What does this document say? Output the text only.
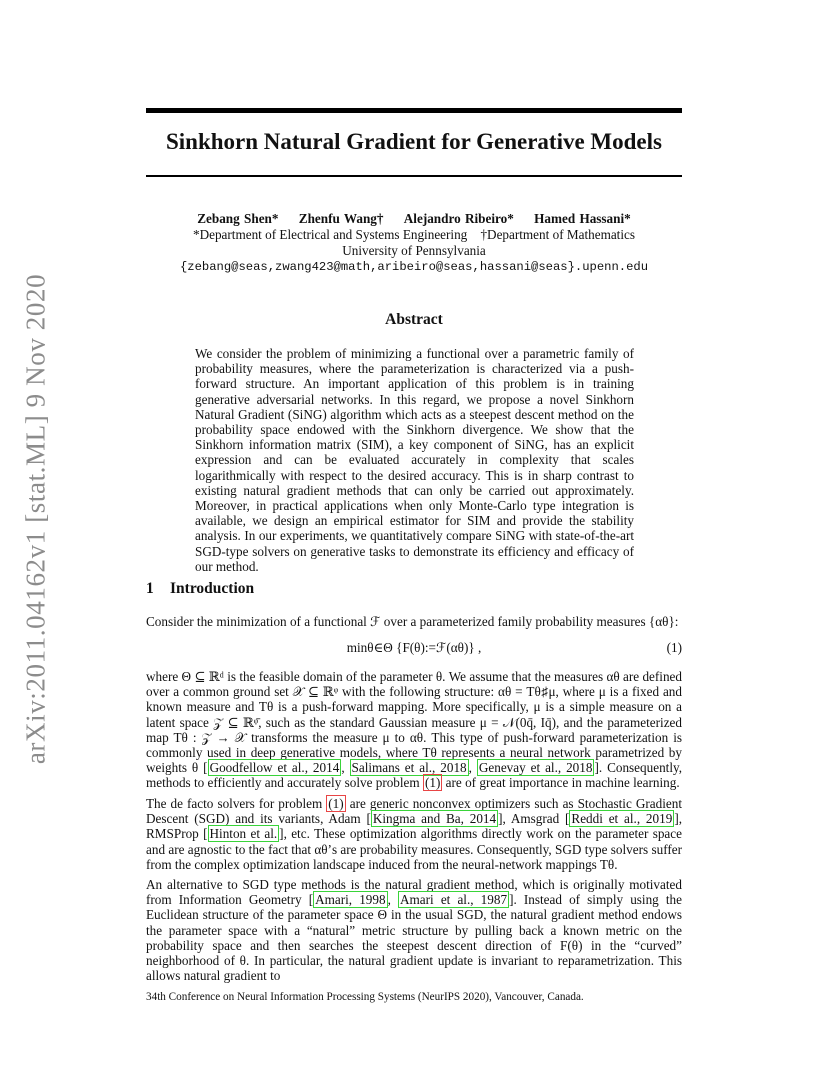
arXiv:2011.04162v1 [stat.ML] 9 Nov 2020
Sinkhorn Natural Gradient for Generative Models
Zebang Shen* Zhenfu Wang† Alejandro Ribeiro* Hamed Hassani*
*Department of Electrical and Systems Engineering    †Department of Mathematics
University of Pennsylvania
{zebang@seas,zwang423@math,aribeiro@seas,hassani@seas}.upenn.edu
Abstract
We consider the problem of minimizing a functional over a parametric family of probability measures, where the parameterization is characterized via a push-forward structure. An important application of this problem is in training generative adversarial networks. In this regard, we propose a novel Sinkhorn Natural Gradient (SiNG) algorithm which acts as a steepest descent method on the probability space endowed with the Sinkhorn divergence. We show that the Sinkhorn information matrix (SIM), a key component of SiNG, has an explicit expression and can be evaluated accurately in complexity that scales logarithmically with respect to the desired accuracy. This is in sharp contrast to existing natural gradient methods that can only be carried out approximately. Moreover, in practical applications when only Monte-Carlo type integration is available, we design an empirical estimator for SIM and provide the stability analysis. In our experiments, we quantitatively compare SiNG with state-of-the-art SGD-type solvers on generative tasks to demonstrate its efficiency and efficacy of our method.
1 Introduction
Consider the minimization of a functional ℱ over a parameterized family probability measures {αθ}:
minθ∈Θ {F(θ):=ℱ(αθ)} ,	(1)
where Θ ⊆ ℝᵈ is the feasible domain of the parameter θ. We assume that the measures αθ are defined over a common ground set 𝒳 ⊆ ℝᵠ with the following structure: αθ = Tθ♯μ, where μ is a fixed and known measure and Tθ is a push-forward mapping. More specifically, μ is a simple measure on a latent space 𝒵 ⊆ ℝᵠ̄, such as the standard Gaussian measure μ = 𝒩(0q̄, Iq̄), and the parameterized map Tθ : 𝒵 → 𝒳 transforms the measure μ to αθ. This type of push-forward parameterization is commonly used in deep generative models, where Tθ represents a neural network parametrized by weights θ [ Goodfellow et al., 2014 , Salimans et al., 2018 , Genevay et al., 2018 ]. Consequently, methods to efficiently and accurately solve problem (1) are of great importance in machine learning.
The de facto solvers for problem (1) are generic nonconvex optimizers such as Stochastic Gradient Descent (SGD) and its variants, Adam [ Kingma and Ba, 2014 ], Amsgrad [ Reddi et al., 2019 ], RMSProp [ Hinton et al. ], etc. These optimization algorithms directly work on the parameter space and are agnostic to the fact that αθ’s are probability measures. Consequently, SGD type solvers suffer from the complex optimization landscape induced from the neural-network mappings Tθ.
An alternative to SGD type methods is the natural gradient method, which is originally motivated from Information Geometry [ Amari, 1998 , Amari et al., 1987 ]. Instead of simply using the Euclidean structure of the parameter space Θ in the usual SGD, the natural gradient method endows the parameter space with a “natural” metric structure by pulling back a known metric on the probability space and then searches the steepest descent direction of F(θ) in the “curved” neighborhood of θ. In particular, the natural gradient update is invariant to reparametrization. This allows natural gradient to
34th Conference on Neural Information Processing Systems (NeurIPS 2020), Vancouver, Canada.
